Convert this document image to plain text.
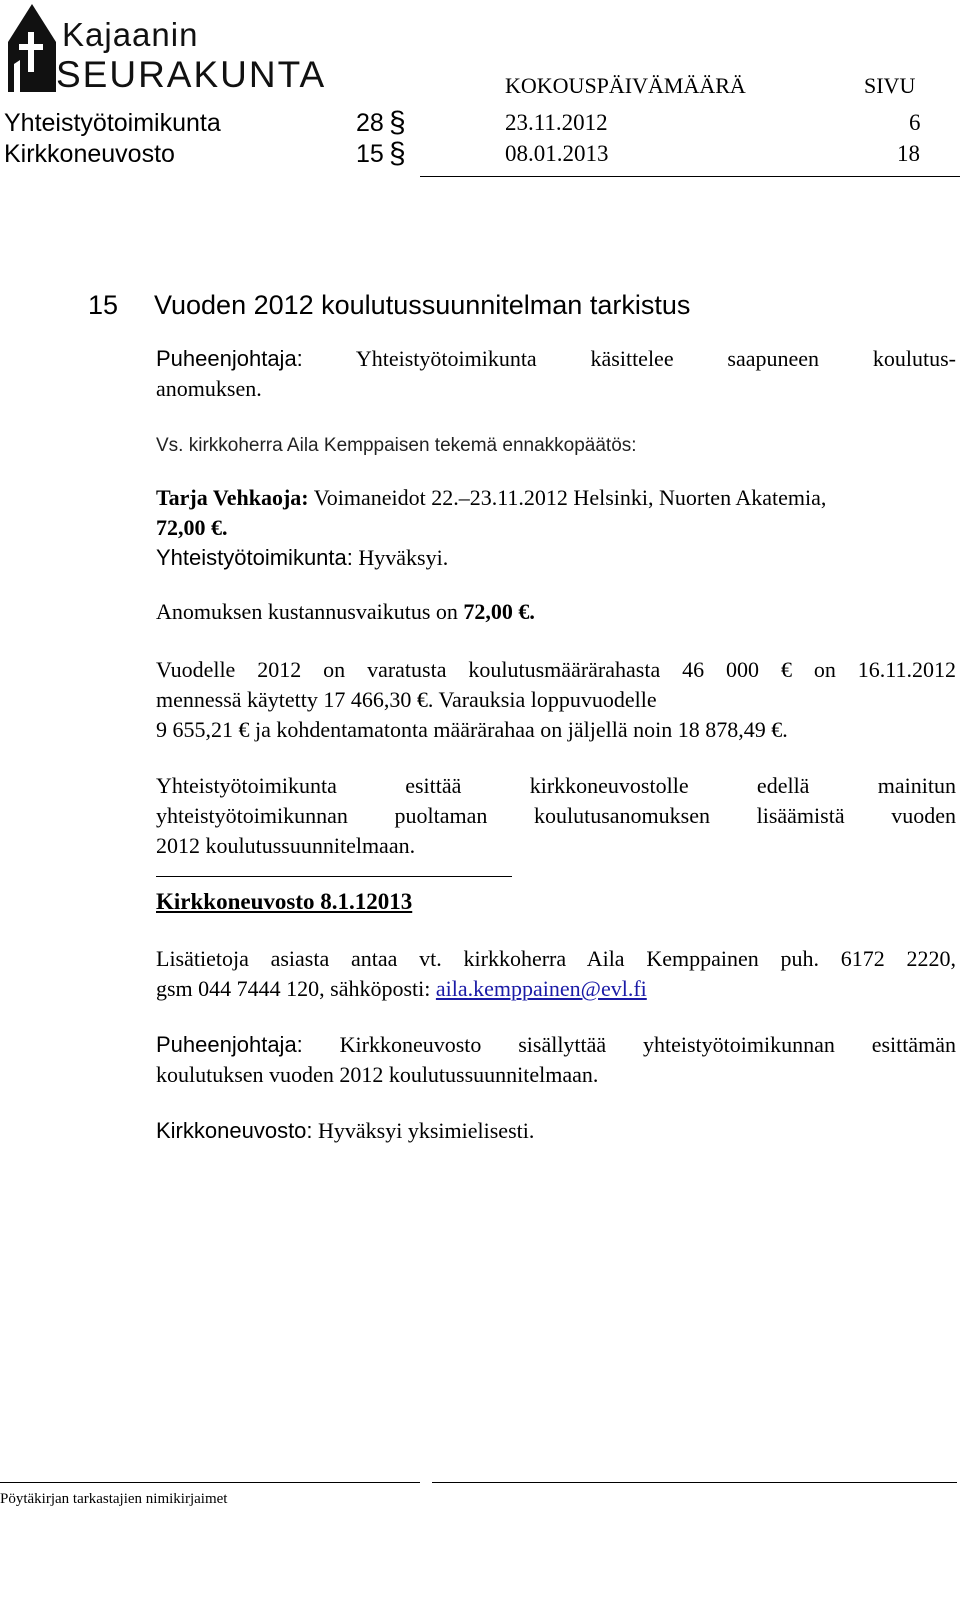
Kajaanin
SEURAKUNTA	KOKOUSPÄIVÄMÄÄRÄ	SIVU
Yhteistyötoimikunta	28 §	23.11.2012	6
Kirkkoneuvosto	15 §	08.01.2013	18
15 Vuoden 2012 koulutussuunnitelman tarkistus
Puheenjohtaja: Yhteistyötoimikunta käsittelee saapuneen koulutus-
anomuksen.
Vs. kirkkoherra Aila Kemppaisen tekemä ennakkopäätös:
Tarja Vehkaoja: Voimaneidot 22.–23.11.2012 Helsinki, Nuorten Akatemia,
72,00 €.
Yhteistyötoimikunta: Hyväksyi.
Anomuksen kustannusvaikutus on 72,00 €.
Vuodelle 2012 on varatusta koulutusmäärärahasta 46 000 € on 16.11.2012
mennessä käytetty 17 466,30 €. Varauksia loppuvuodelle
9 655,21 € ja kohdentamatonta määrärahaa on jäljellä noin 18 878,49 €.
Yhteistyötoimikunta esittää kirkkoneuvostolle edellä mainitun
yhteistyötoimikunnan puoltaman koulutusanomuksen lisäämistä vuoden
2012 koulutussuunnitelmaan.
Kirkkoneuvosto 8.1.12013
Lisätietoja asiasta antaa vt. kirkkoherra Aila Kemppainen puh. 6172 2220,
gsm 044 7444 120, sähköposti: aila.kemppainen@evl.fi
Puheenjohtaja: Kirkkoneuvosto sisällyttää yhteistyötoimikunnan esittämän
koulutuksen vuoden 2012 koulutussuunnitelmaan.
Kirkkoneuvosto: Hyväksyi yksimielisesti.
Pöytäkirjan tarkastajien nimikirjaimet
